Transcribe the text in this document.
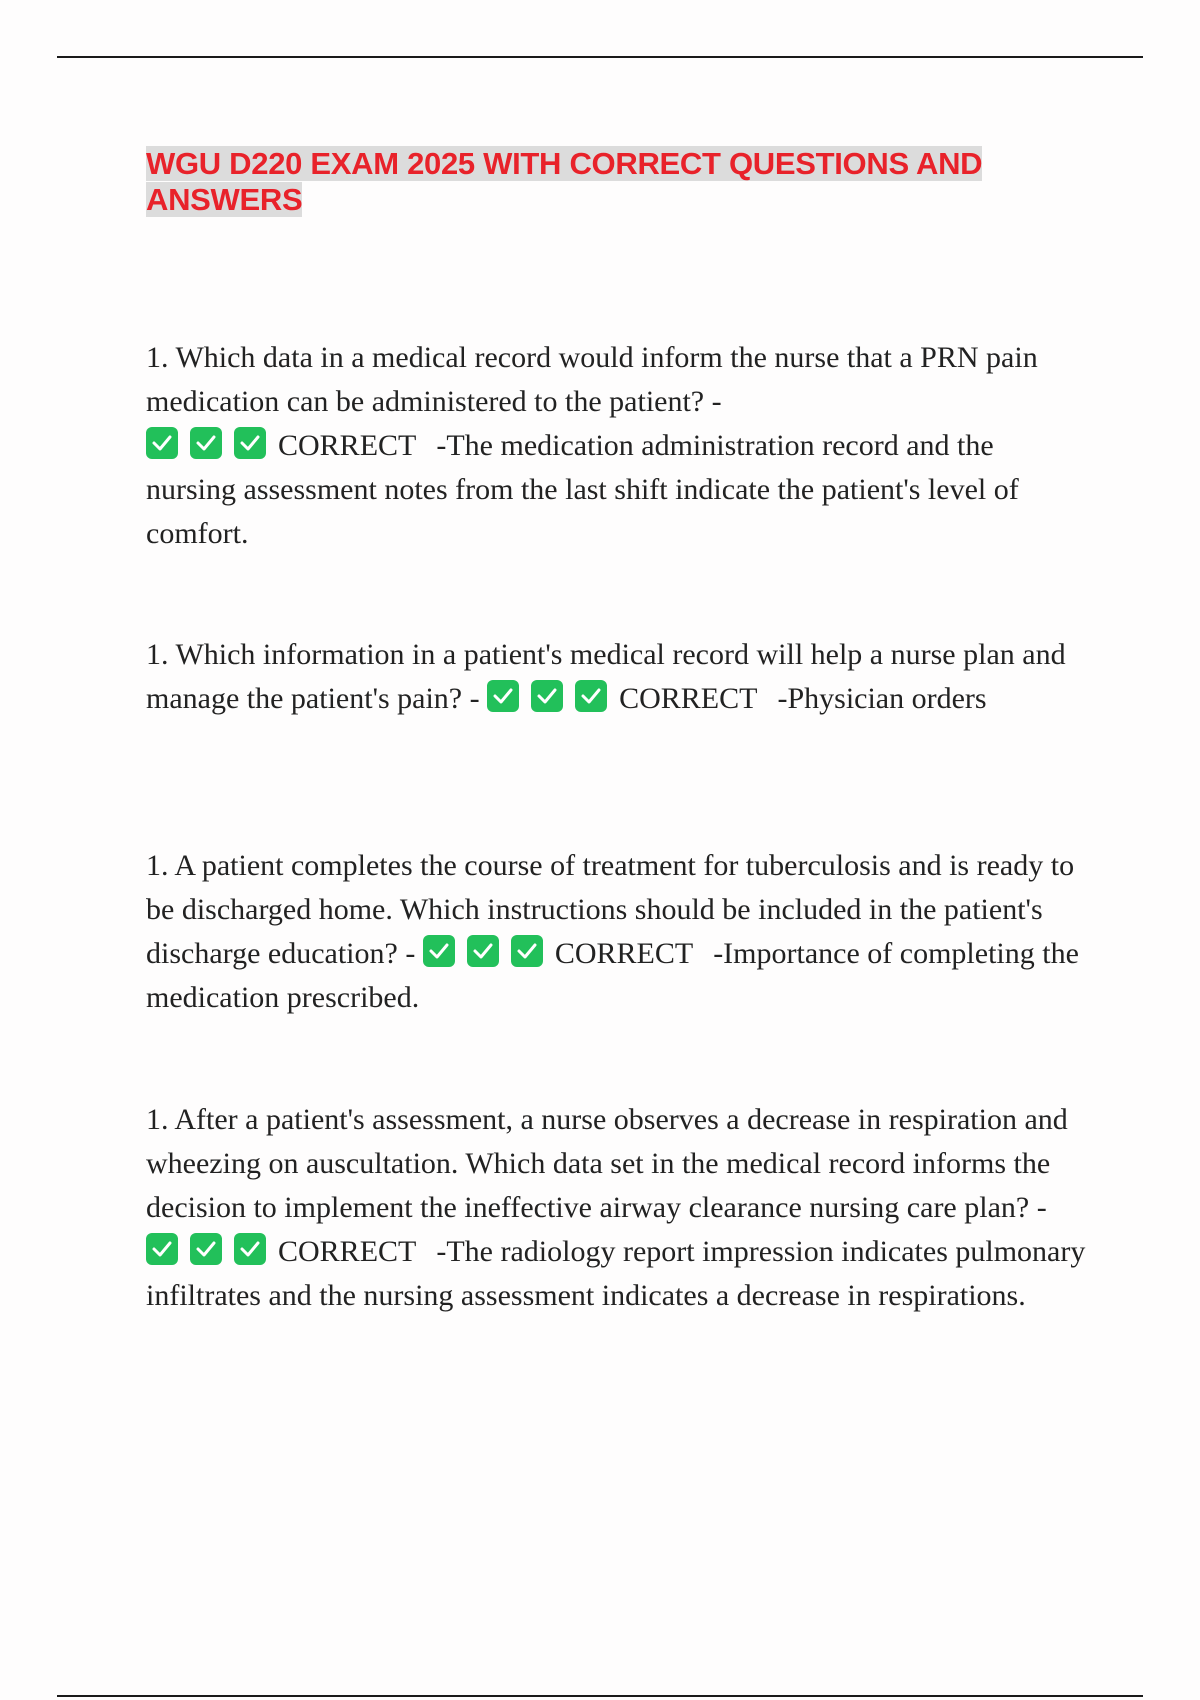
WGU D220 EXAM 2025 WITH CORRECT QUESTIONS AND
ANSWERS

1. Which data in a medical record would inform the nurse that a PRN pain medication can be administered to the patient? -

CORRECT -The medication administration record and the nursing assessment notes from the last shift indicate the patient's level of comfort.

1. Which information in a patient's medical record will help a nurse plan and manage the patient's pain? -	CORRECT -Physician orders

1. A patient completes the course of treatment for tuberculosis and is ready to be discharged home. Which instructions should be included in the patient's discharge education? -	CORRECT -Importance of completing the medication prescribed.

1. After a patient's assessment, a nurse observes a decrease in respiration and wheezing on auscultation. Which data set in the medical record informs the decision to implement the ineffective airway clearance nursing care plan? -
CORRECT -The radiology report impression indicates pulmonary infiltrates and the nursing assessment indicates a decrease in respirations.
